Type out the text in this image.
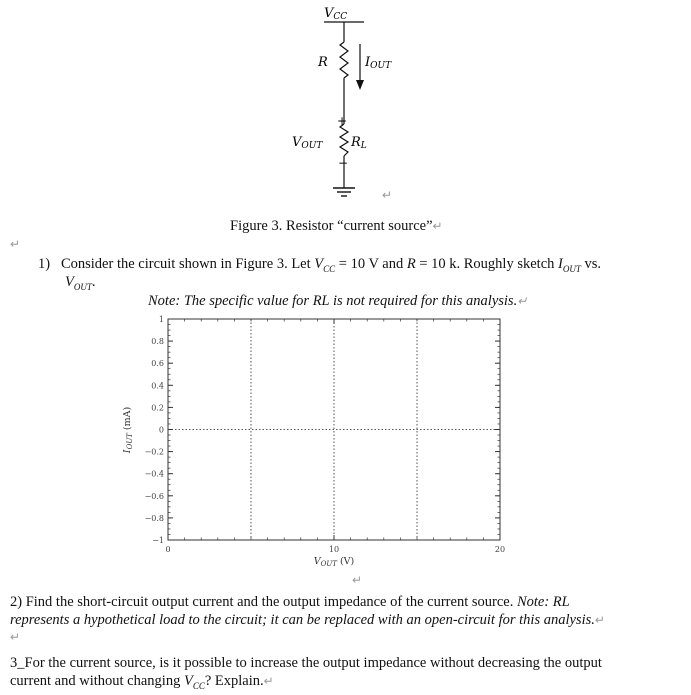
VCC
R	IOUT
+
VOUT RL
−
↵
Figure 3. Resistor “current source”↵
↵
1) Consider the circuit shown in Figure 3. Let $V_{CC} = 10$ V and R = 10 k. Roughly sketch $I_{OUT}$ vs.
$V_{OUT}$.
Note: The specific value for RL is not required for this analysis.↵
1
0.8
0.6
0.4
0.2
0
−0.2
−0.4
−0.6
−0.8
−1
0	10	20
$V_{OUT}$ (V)
$I_{OUT}(mA)$
↵
2) Find the short-circuit output current and the output impedance of the current source. Note: RL
represents a hypothetical load to the circuit; it can be replaced with an open-circuit for this analysis.↵
↵
3_For the current source, is it possible to increase the output impedance without decreasing the output
current and without changing $V_{CC}$? Explain.↵
